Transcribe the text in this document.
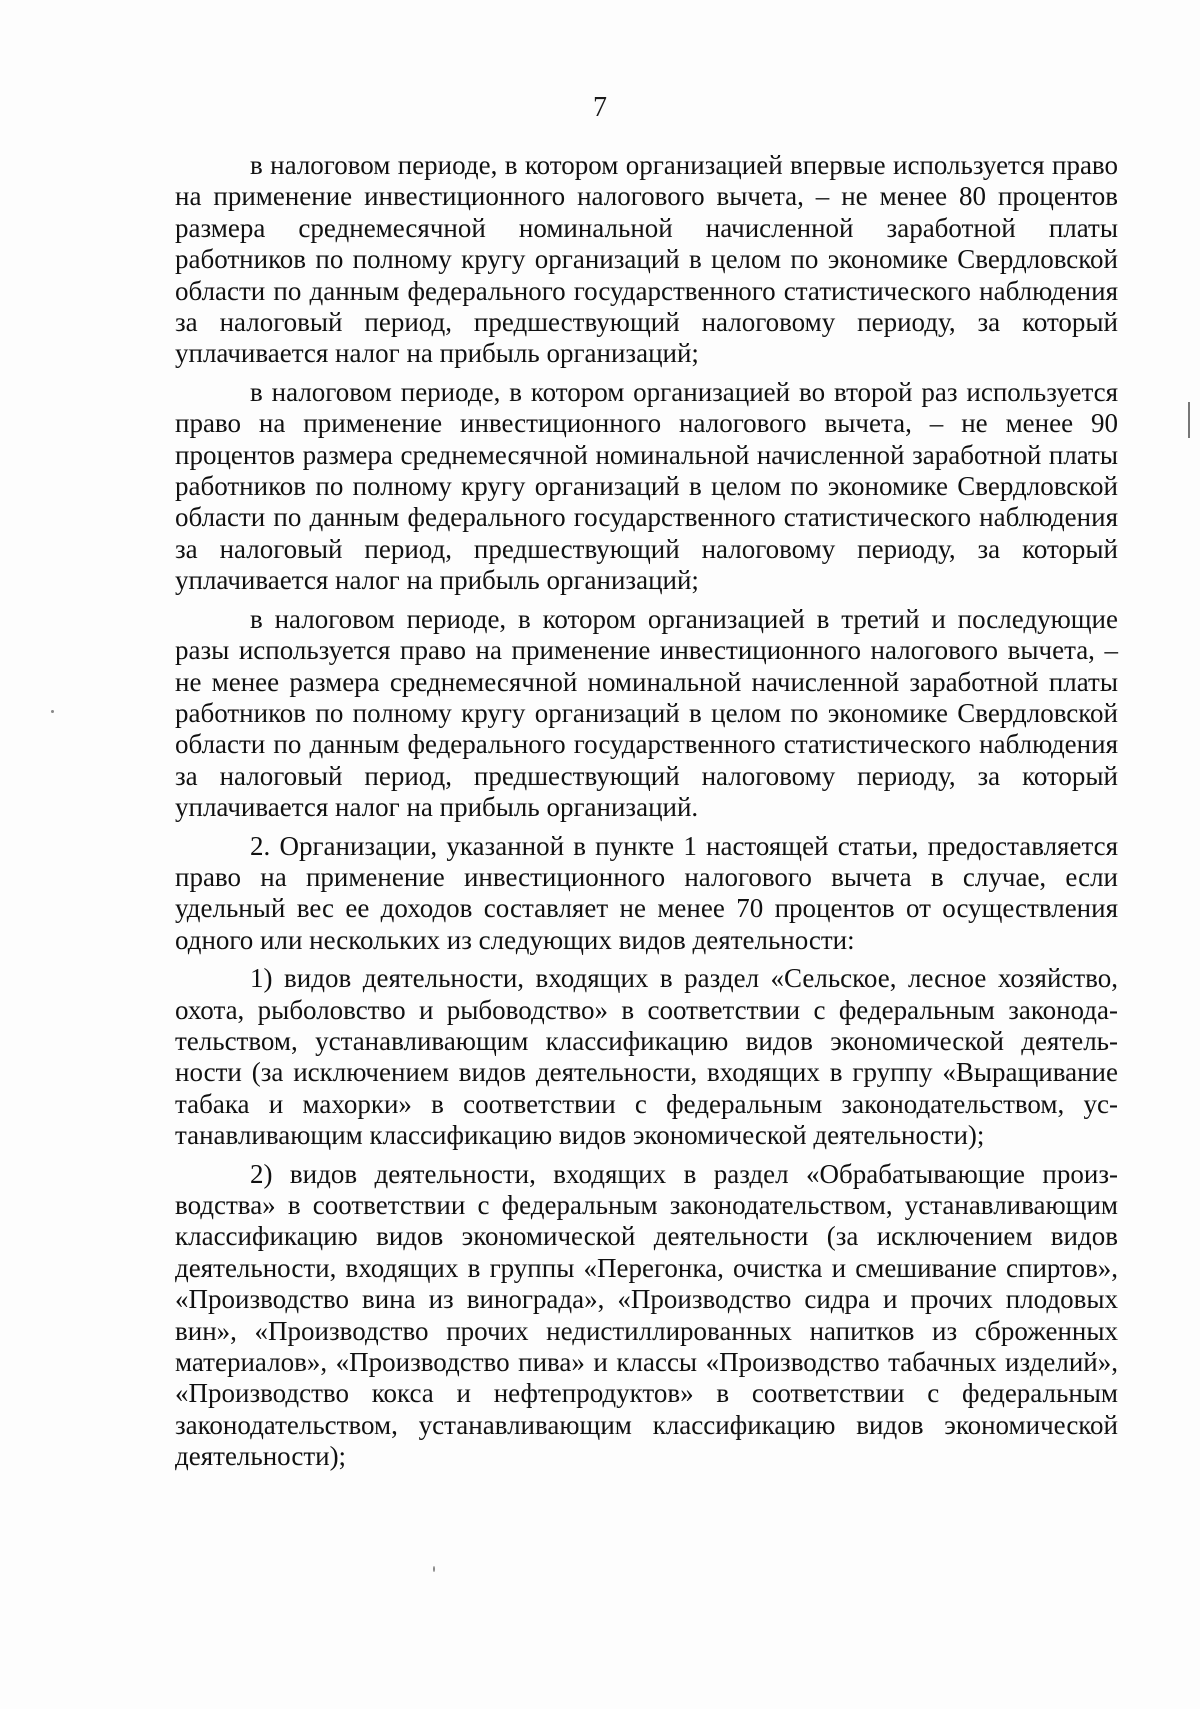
7

в налоговом периоде, в котором организацией впервые используется право на применение инвестиционного налогового вычета, – не менее 80 процентов размера среднемесячной номинальной начисленной заработной платы работников по полному кругу организаций в целом по экономике Свердловской области по данным федерального государственного статистического наблюдения за налоговый период, предшествующий налоговому периоду, за который уплачивается налог на прибыль организаций;

в налоговом периоде, в котором организацией во второй раз используется право на применение инвестиционного налогового вычета, – не менее 90 процентов размера среднемесячной номинальной начисленной заработной платы работников по полному кругу организаций в целом по экономике Свердловской области по данным федерального государственного статистического наблюдения за налоговый период, предшествующий налоговому периоду, за который уплачивается налог на прибыль организаций;

в налоговом периоде, в котором организацией в третий и последующие разы используется право на применение инвестиционного налогового вычета, – не менее размера среднемесячной номинальной начисленной заработной платы работников по полному кругу организаций в целом по экономике Свердловской области по данным федерального государственного статистического наблюдения за налоговый период, предшествующий налоговому периоду, за который уплачивается налог на прибыль организаций.

2. Организации, указанной в пункте 1 настоящей статьи, предоставляется право на применение инвестиционного налогового вычета в случае, если удельный вес ее доходов составляет не менее 70 процентов от осуществления одного или нескольких из следующих видов деятельности:

1) видов деятельности, входящих в раздел «Сельское, лесное хозяйство, охота, рыболовство и рыбоводство» в соответствии с федеральным законодательством, устанавливающим классификацию видов экономической деятельности (за исключением видов деятельности, входящих в группу «Выращивание табака и махорки» в соответствии с федеральным законодательством, устанавливающим классификацию видов экономической деятельности);

2) видов деятельности, входящих в раздел «Обрабатывающие производства» в соответствии с федеральным законодательством, устанавливающим классификацию видов экономической деятельности (за исключением видов деятельности, входящих в группы «Перегонка, очистка и смешивание спиртов», «Производство вина из винограда», «Производство сидра и прочих плодовых вин», «Производство прочих недистиллированных напитков из сброженных материалов», «Производство пива» и классы «Производство табачных изделий», «Производство кокса и нефтепродуктов» в соответствии с федеральным законодательством, устанавливающим классификацию видов экономической деятельности);
